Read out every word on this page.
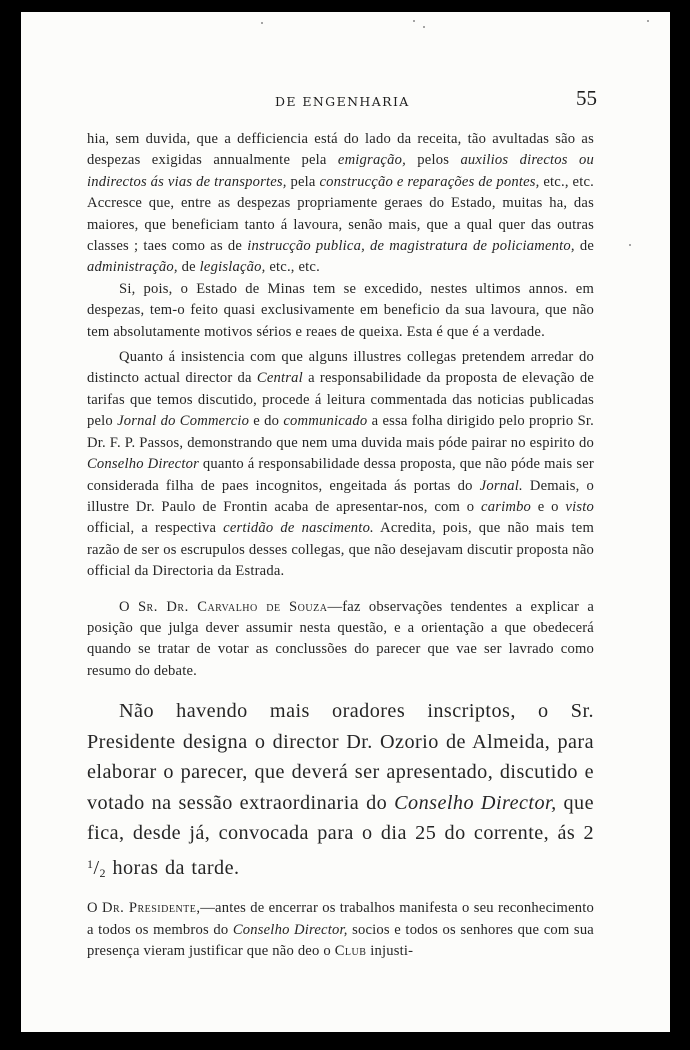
DE ENGENHARIA	55

hia, sem duvida, que a defficiencia está do lado da receita, tão avultadas são as despezas exigidas annualmente pela emigração, pelos auxilios directos ou indirectos ás vias de transportes, pela construcção e reparações de pontes, etc., etc. Accresce que, entre as despezas propriamente geraes do Estado, muitas ha, das maiores, que beneficiam tanto á lavoura, senão mais, que a qual quer das outras classes ; taes como as de instrucção publica, de magistratura de policiamento, de administração, de legislação, etc., etc.

Si, pois, o Estado de Minas tem se excedido, nestes ultimos annos. em despezas, tem-o feito quasi exclusivamente em beneficio da sua lavoura, que não tem absolutamente motivos sérios e reaes de queixa. Esta é que é a verdade.

Quanto á insistencia com que alguns illustres collegas pretendem arredar do distincto actual director da Central a responsabilidade da proposta de elevação de tarifas que temos discutido, procede á leitura commentada das noticias publicadas pelo Jornal do Commercio e do communicado a essa folha dirigido pelo proprio Sr. Dr. F. P. Passos, demonstrando que nem uma duvida mais póde pairar no espirito do Conselho Director quanto á responsabilidade dessa proposta, que não póde mais ser considerada filha de paes incognitos, engeitada ás portas do Jornal. Demais, o illustre Dr. Paulo de Frontin acaba de apresentar-nos, com o carimbo e o visto official, a respectiva certidão de nascimento. Acredita, pois, que não mais tem razão de ser os escrupulos desses collegas, que não desejavam discutir proposta não official da Directoria da Estrada.

O Sr. Dr. Carvalho de Souza—faz observações tendentes a explicar a posição que julga dever assumir nesta questão, e a orientação a que obedecerá quando se tratar de votar as conclussões do parecer que vae ser lavrado como resumo do debate.

Não havendo mais oradores inscriptos, o Sr. Presidente designa o director Dr. Ozorio de Almeida, para elaborar o parecer, que deverá ser apresentado, discutido e votado na sessão extraordinaria do Conselho Director, que fica, desde já, convocada para o dia 25 do corrente, ás 2 $^1/_2$ horas da tarde.

O Dr. Presidente,—antes de encerrar os trabalhos manifesta o seu reconhecimento a todos os membros do Conselho Director, socios e todos os senhores que com sua presença vieram justificar que não deo o Club injusti-
